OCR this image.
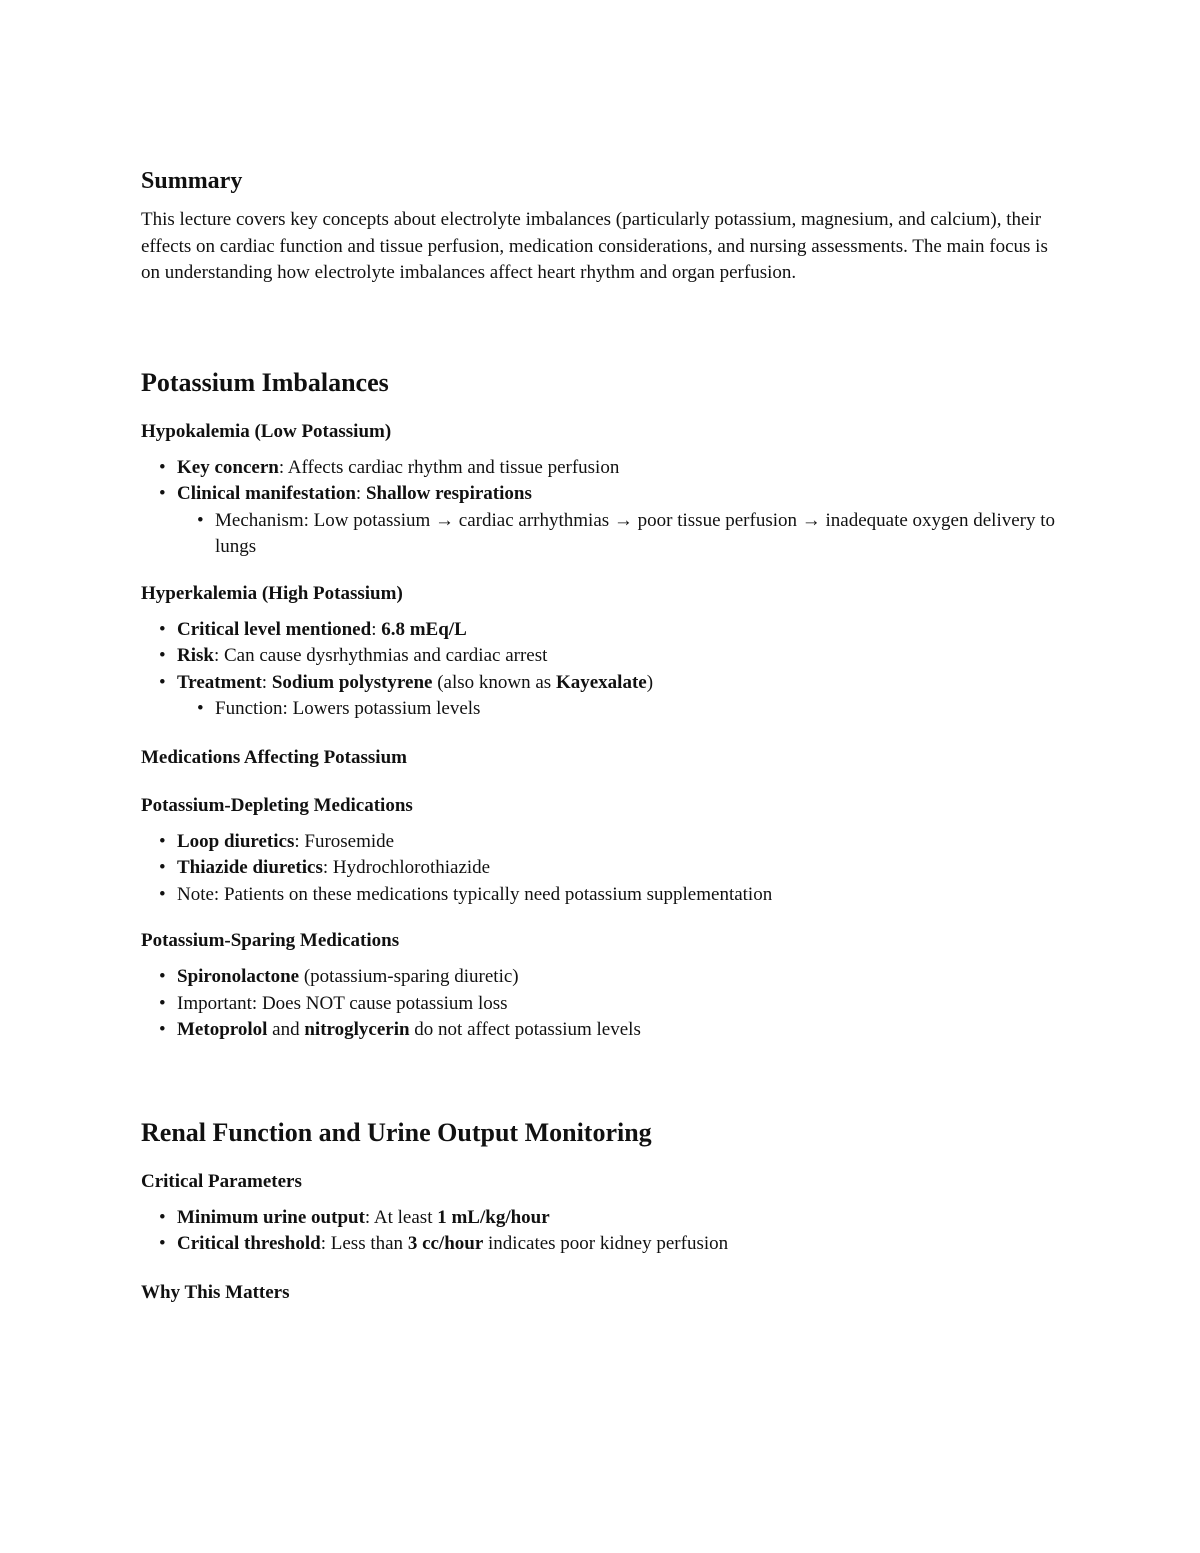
Summary

This lecture covers key concepts about electrolyte imbalances (particularly potassium, magnesium, and calcium), their effects on cardiac function and tissue perfusion, medication considerations, and nursing assessments. The main focus is on understanding how electrolyte imbalances affect heart rhythm and organ perfusion.

Potassium Imbalances
Hypokalemia (Low Potassium)
• Key concern: Affects cardiac rhythm and tissue perfusion
• Clinical manifestation: Shallow respirations
• Mechanism: Low potassium → cardiac arrhythmias → poor tissue perfusion → inadequate oxygen delivery to lungs
Hyperkalemia (High Potassium)
• Critical level mentioned: 6.8 mEq/L
• Risk: Can cause dysrhythmias and cardiac arrest
• Treatment: Sodium polystyrene (also known as Kayexalate)
• Function: Lowers potassium levels
Medications Affecting Potassium
Potassium-Depleting Medications
• Loop diuretics: Furosemide
• Thiazide diuretics: Hydrochlorothiazide
• Note: Patients on these medications typically need potassium supplementation
Potassium-Sparing Medications
• Spironolactone (potassium-sparing diuretic)
• Important: Does NOT cause potassium loss
• Metoprolol and nitroglycerin do not affect potassium levels
Renal Function and Urine Output Monitoring
Critical Parameters
• Minimum urine output: At least 1 mL/kg/hour
• Critical threshold: Less than 3 cc/hour indicates poor kidney perfusion
Why This Matters
